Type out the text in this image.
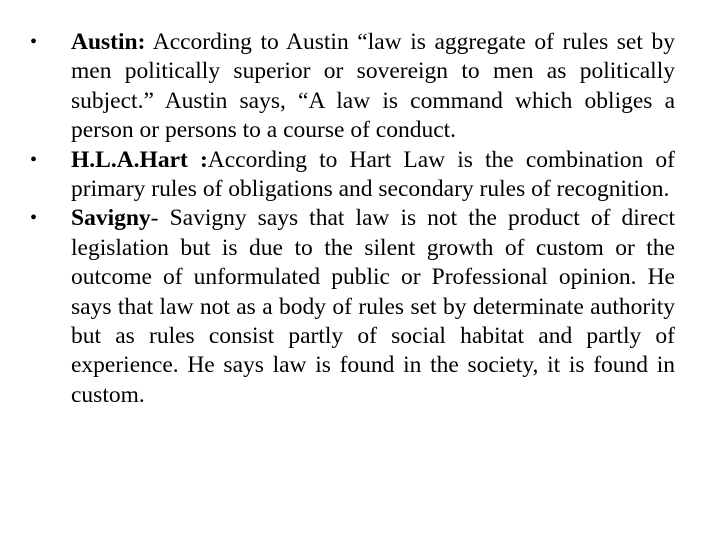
•	Austin: According to Austin “law is aggregate of rules set by men politically superior or sovereign to men as politically subject.” Austin says, “A law is command which obliges a person or persons to a course of conduct.
•	H.L.A.Hart :According to Hart Law is the combination of primary rules of obligations and secondary rules of recognition.
•	Savigny- Savigny says that law is not the product of direct legislation but is due to the silent growth of custom or the outcome of unformulated public or Professional opinion. He says that law not as a body of rules set by determinate authority but as rules consist partly of social habitat and partly of experience. He says law is found in the society, it is found in custom.
